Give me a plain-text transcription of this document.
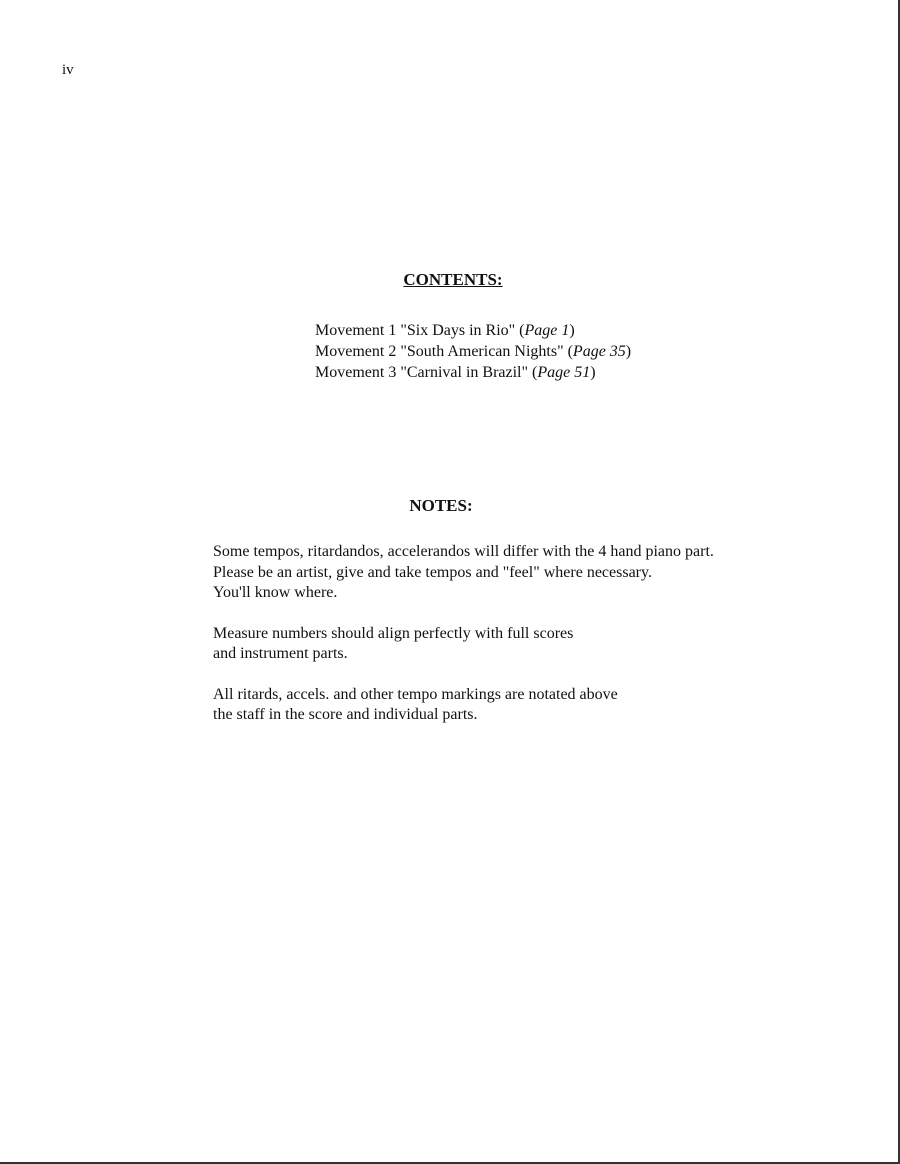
iv
CONTENTS:
Movement 1 "Six Days in Rio" (Page 1)
Movement 2 "South American Nights" (Page 35)
Movement 3 "Carnival in Brazil" (Page 51)
NOTES:

Some tempos, ritardandos, accelerandos will differ with the 4 hand piano part.
Please be an artist, give and take tempos and "feel" where necessary.
You'll know where.

Measure numbers should align perfectly with full scores
and instrument parts.

All ritards, accels. and other tempo markings are notated above
the staff in the score and individual parts.
